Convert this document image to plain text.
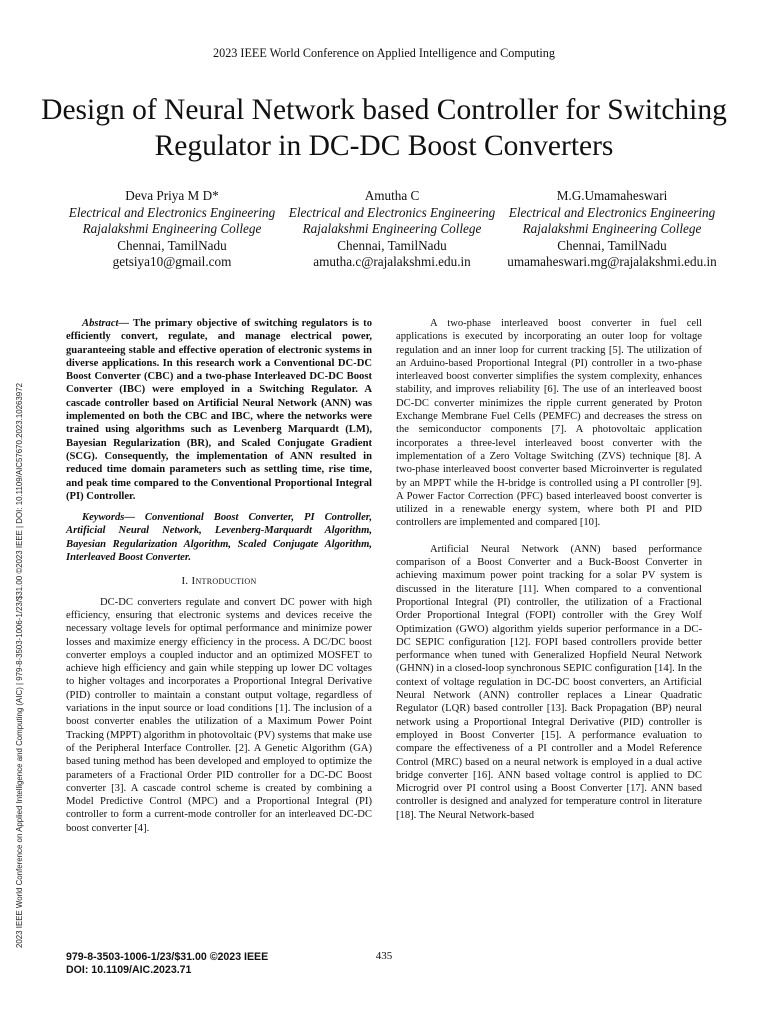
2023 IEEE World Conference on Applied Intelligence and Computing
Design of Neural Network based Controller for Switching Regulator in DC-DC Boost Converters
Deva Priya M D*
Electrical and Electronics Engineering
Rajalakshmi Engineering College
Chennai, TamilNadu
getsiya10@gmail.com
Amutha C
Electrical and Electronics Engineering
Rajalakshmi Engineering College
Chennai, TamilNadu
amutha.c@rajalakshmi.edu.in
M.G.Umamaheswari
Electrical and Electronics Engineering
Rajalakshmi Engineering College
Chennai, TamilNadu
umamaheswari.mg@rajalakshmi.edu.in
2023 IEEE World Conference on Applied Intelligence and Computing (AIC) | 979-8-3503-1006-1/23/$31.00 ©2023 IEEE | DOI: 10.1109/AIC57670.2023.10263972

Abstract— The primary objective of switching regulators is to efficiently convert, regulate, and manage electrical power, guaranteeing stable and effective operation of electronic systems in diverse applications. In this research work a Conventional DC-DC Boost Converter (CBC) and a two-phase Interleaved DC-DC Boost Converter (IBC) were employed in a Switching Regulator. A cascade controller based on Artificial Neural Network (ANN) was implemented on both the CBC and IBC, where the networks were trained using algorithms such as Levenberg Marquardt (LM), Bayesian Regularization (BR), and Scaled Conjugate Gradient (SCG). Consequently, the implementation of ANN resulted in reduced time domain parameters such as settling time, rise time, and peak time compared to the Conventional Proportional Integral (PI) Controller.

Keywords— Conventional Boost Converter, PI Controller, Artificial Neural Network, Levenberg-Marquardt Algorithm, Bayesian Regularization Algorithm, Scaled Conjugate Algorithm, Interleaved Boost Converter.

I. Introduction

DC-DC converters regulate and convert DC power with high efficiency, ensuring that electronic systems and devices receive the necessary voltage levels for optimal performance and minimize power losses and maximize energy efficiency in the process. A DC/DC boost converter employs a coupled inductor and an optimized MOSFET to achieve high efficiency and gain while stepping up lower DC voltages to higher voltages and incorporates a Proportional Integral Derivative (PID) controller to maintain a constant output voltage, regardless of variations in the input source or load conditions [1]. The inclusion of a boost converter enables the utilization of a Maximum Power Point Tracking (MPPT) algorithm in photovoltaic (PV) systems that make use of the Peripheral Interface Controller. [2]. A Genetic Algorithm (GA) based tuning method has been developed and employed to optimize the parameters of a Fractional Order PID controller for a DC-DC Boost converter [3]. A cascade control scheme is created by combining a Model Predictive Control (MPC) and a Proportional Integral (PI) controller to form a current-mode controller for an interleaved DC-DC boost converter [4].

A two-phase interleaved boost converter in fuel cell applications is executed by incorporating an outer loop for voltage regulation and an inner loop for current tracking [5]. The utilization of an Arduino-based Proportional Integral (PI) controller in a two-phase interleaved boost converter simplifies the system complexity, enhances stability, and improves reliability [6]. The use of an interleaved boost DC-DC converter minimizes the ripple current generated by Proton Exchange Membrane Fuel Cells (PEMFC) and decreases the stress on the semiconductor components [7]. A photovoltaic application incorporates a three-level interleaved boost converter with the implementation of a Zero Voltage Switching (ZVS) technique [8]. A two-phase interleaved boost converter based Microinverter is regulated by an MPPT while the H-bridge is controlled using a PI controller [9]. A Power Factor Correction (PFC) based interleaved boost converter is utilized in a renewable energy system, where both PI and PID controllers are implemented and compared [10].

Artificial Neural Network (ANN) based performance comparison of a Boost Converter and a Buck-Boost Converter in achieving maximum power point tracking for a solar PV system is discussed in the literature [11]. When compared to a conventional Proportional Integral (PI) controller, the utilization of a Fractional Order Proportional Integral (FOPI) controller with the Grey Wolf Optimization (GWO) algorithm yields superior performance in a DC-DC SEPIC configuration [12]. FOPI based controllers provide better performance when tuned with Generalized Hopfield Neural Network (GHNN) in a closed-loop synchronous SEPIC configuration [14]. In the context of voltage regulation in DC-DC boost converters, an Artificial Neural Network (ANN) controller replaces a Linear Quadratic Regulator (LQR) based controller [13]. Back Propagation (BP) neural network using a Proportional Integral Derivative (PID) controller is employed in Boost Converter [15]. A performance evaluation to compare the effectiveness of a PI controller and a Model Reference Control (MRC) based on a neural network is employed in a dual active bridge converter [16]. ANN based voltage control is applied to DC Microgrid over PI control using a Boost Converter [17]. ANN based controller is designed and analyzed for temperature control in literature [18]. The Neural Network-based

979-8-3503-1006-1/23/$31.00 ©2023 IEEE
DOI: 10.1109/AIC.2023.71
435
